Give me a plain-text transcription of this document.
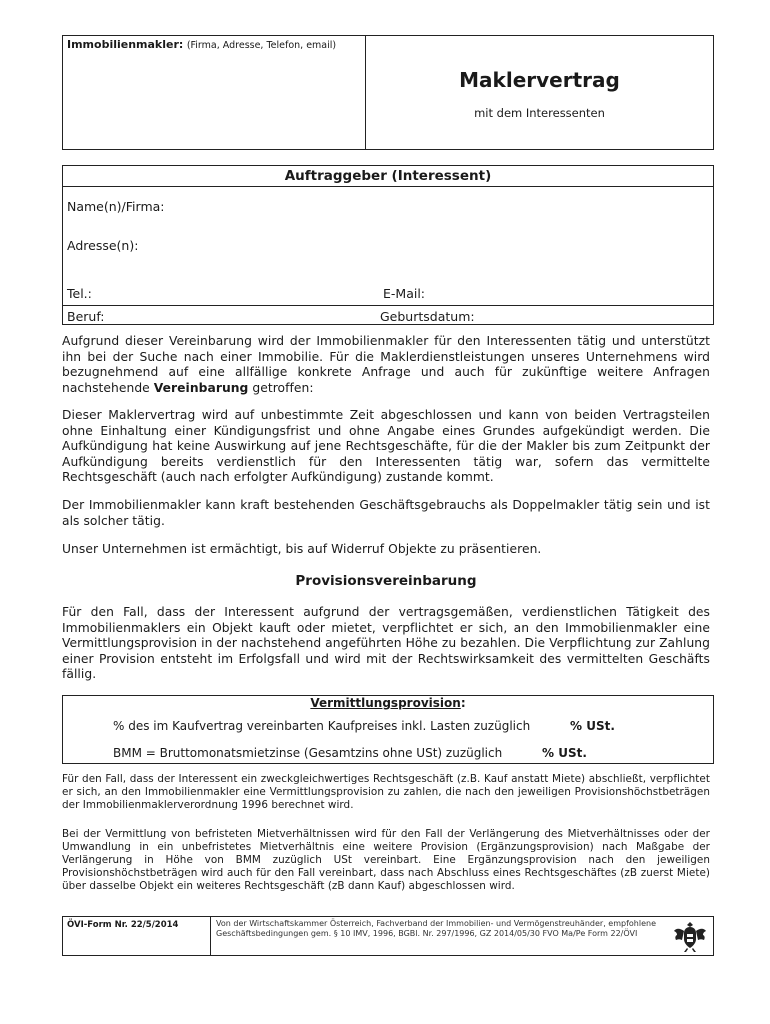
Immobilienmakler: (Firma, Adresse, Telefon, email)
Maklervertrag
mit dem Interessenten
Auftraggeber (Interessent)
Name(n)/Firma:
Adresse(n):
Tel.:	E-Mail:
Beruf:	Geburtsdatum:
Aufgrund dieser Vereinbarung wird der Immobilienmakler für den Interessenten tätig und unterstützt ihn bei der Suche nach einer Immobilie. Für die Maklerdienstleistungen unseres Unternehmens wird bezugnehmend auf eine allfällige konkrete Anfrage und auch für zukünftige weitere Anfragen nachstehende Vereinbarung getroffen:
Dieser Maklervertrag wird auf unbestimmte Zeit abgeschlossen und kann von beiden Vertragsteilen ohne Einhaltung einer Kündigungsfrist und ohne Angabe eines Grundes aufgekündigt werden. Die Aufkündigung hat keine Auswirkung auf jene Rechtsgeschäfte, für die der Makler bis zum Zeitpunkt der Aufkündigung bereits verdienstlich für den Interessenten tätig war, sofern das vermittelte Rechtsgeschäft (auch nach erfolgter Aufkündigung) zustande kommt.
Der Immobilienmakler kann kraft bestehenden Geschäftsgebrauchs als Doppelmakler tätig sein und ist als solcher tätig.
Unser Unternehmen ist ermächtigt, bis auf Widerruf Objekte zu präsentieren.
Provisionsvereinbarung
Für den Fall, dass der Interessent aufgrund der vertragsgemäßen, verdienstlichen Tätigkeit des Immobilienmaklers ein Objekt kauft oder mietet, verpflichtet er sich, an den Immobilienmakler eine Vermittlungsprovision in der nachstehend angeführten Höhe zu bezahlen. Die Verpflichtung zur Zahlung einer Provision entsteht im Erfolgsfall und wird mit der Rechtswirksamkeit des vermittelten Geschäfts fällig.
Vermittlungsprovision:
% des im Kaufvertrag vereinbarten Kaufpreises inkl. Lasten zuzüglich	% USt.
BMM = Bruttomonatsmietzinse (Gesamtzins ohne USt) zuzüglich	% USt.
Für den Fall, dass der Interessent ein zweckgleichwertiges Rechtsgeschäft (z.B. Kauf anstatt Miete) abschließt, verpflichtet er sich, an den Immobilienmakler eine Vermittlungsprovision zu zahlen, die nach den jeweiligen Provisionshöchstbeträgen der Immobilienmaklerverordnung 1996 berechnet wird.
Bei der Vermittlung von befristeten Mietverhältnissen wird für den Fall der Verlängerung des Mietverhältnisses oder der Umwandlung in ein unbefristetes Mietverhältnis eine weitere Provision (Ergänzungsprovision) nach Maßgabe der Verlängerung in Höhe von BMM zuzüglich USt vereinbart. Eine Ergänzungsprovision nach den jeweiligen Provisionshöchstbeträgen wird auch für den Fall vereinbart, dass nach Abschluss eines Rechtsgeschäftes (zB zuerst Miete) über dasselbe Objekt ein weiteres Rechtsgeschäft (zB dann Kauf) abgeschlossen wird.
ÖVI-Form Nr. 22/5/2014	Von der Wirtschaftskammer Österreich, Fachverband der Immobilien- und Vermögenstreuhänder, empfohlene Geschäftsbedingungen gem. § 10 IMV, 1996, BGBl. Nr. 297/1996, GZ 2014/05/30 FVO Ma/Pe Form 22/ÖVI
